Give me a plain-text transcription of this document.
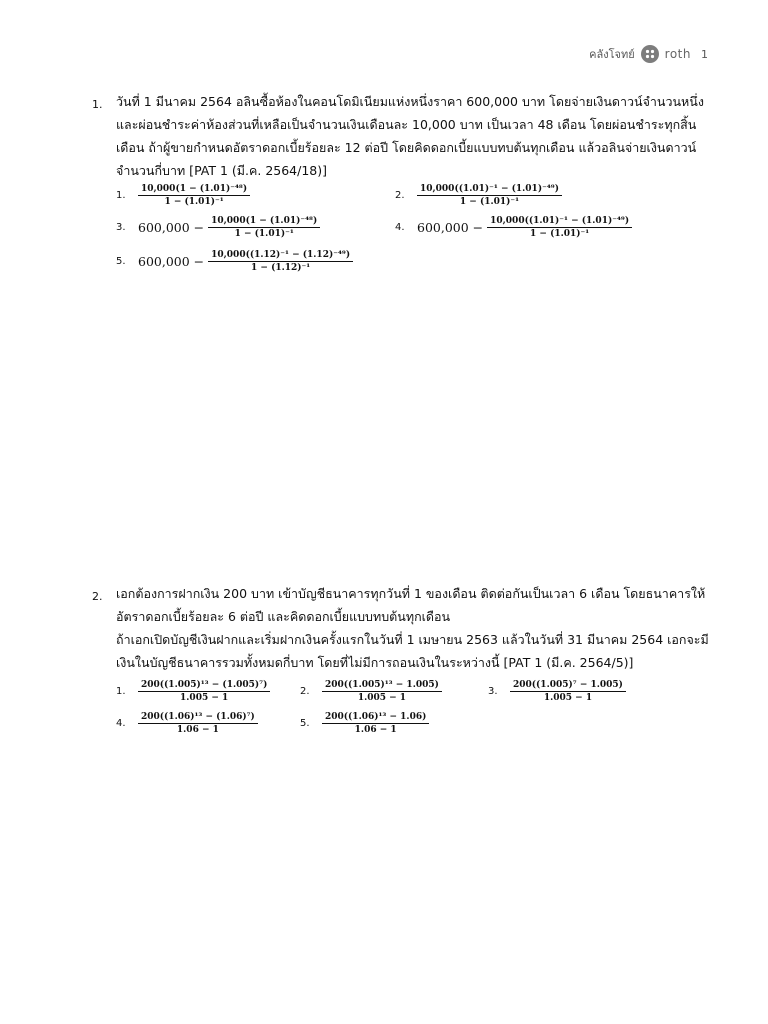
คลังโจทย์	roth 1
1. วันที่ 1 มีนาคม 2564 อลินซื้อห้องในคอนโดมิเนียมแห่งหนึ่งราคา 600,000 บาท โดยจ่ายเงินดาวน์จำนวนหนึ่ง
และผ่อนชำระค่าห้องส่วนที่เหลือเป็นจำนวนเงินเดือนละ 10,000 บาท เป็นเวลา 48 เดือน โดยผ่อนชำระทุกสิ้น
เดือน ถ้าผู้ขายกำหนดอัตราดอกเบี้ยร้อยละ 12 ต่อปี โดยคิดดอกเบี้ยแบบทบต้นทุกเดือน แล้วอลินจ่ายเงินดาวน์
จำนวนกี่บาท [PAT 1 (มี.ค. 2564/18)]
1.	$\frac{\text{10,000(1 − (1.01)⁻⁴⁸)}}{\text{1 − (1.01)⁻¹}}$	2.	$\frac{\text{10,000((1.01)⁻¹ − (1.01)⁻⁴⁹)}}{\text{1 − (1.01)⁻¹}}$
3. $600,000 - \frac{\text{10,000(1 − (1.01)⁻⁴⁸)}}{\text{1 − (1.01)⁻¹}}$	4. $600,000 - \frac{\text{10,000((1.01)⁻¹ − (1.01)⁻⁴⁹)}}{\text{1 − (1.01)⁻¹}}$
5. $600,000 - \frac{\text{10,000((1.12)⁻¹ − (1.12)⁻⁴⁹)}}{\text{1 − (1.12)⁻¹}}$
2. เอกต้องการฝากเงิน 200 บาท เข้าบัญชีธนาคารทุกวันที่ 1 ของเดือน ติดต่อกันเป็นเวลา 6 เดือน โดยธนาคารให้
อัตราดอกเบี้ยร้อยละ 6 ต่อปี และคิดดอกเบี้ยแบบทบต้นทุกเดือน
ถ้าเอกเปิดบัญชีเงินฝากและเริ่มฝากเงินครั้งแรกในวันที่ 1 เมษายน 2563 แล้วในวันที่ 31 มีนาคม 2564 เอกจะมี
เงินในบัญชีธนาคารรวมทั้งหมดกี่บาท โดยที่ไม่มีการถอนเงินในระหว่างนี้ [PAT 1 (มี.ค. 2564/5)]
1.	$\frac{\text{200((1.005)¹³ − (1.005)⁷)}}{1.005 - 1}$	2.	$\frac{\text{200((1.005)¹³ − 1.005)}}{1.005 - 1}$	3.	$\frac{\text{200((1.005)⁷ − 1.005)}}{1.005 - 1}$
4.	$\frac{\text{200((1.06)¹³ − (1.06)⁷)}}{1.06 - 1}$	5.	$\frac{\text{200((1.06)¹³ − 1.06)}}{1.06 - 1}$
